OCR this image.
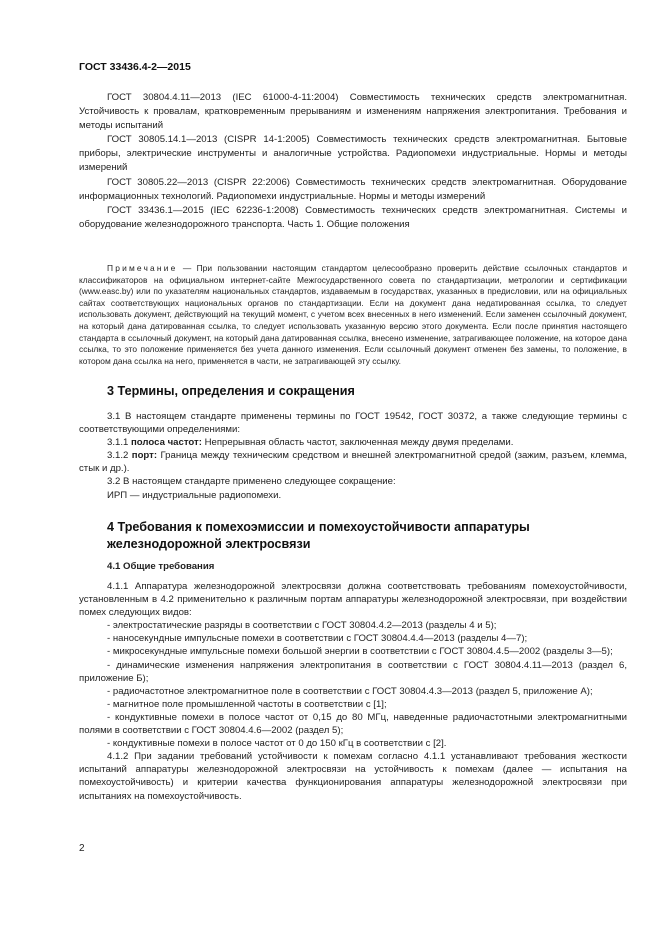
ГОСТ 33436.4-2—2015

ГОСТ 30804.4.11—2013 (IEC 61000-4-11:2004) Совместимость технических средств электромагнитная. Устойчивость к провалам, кратковременным прерываниям и изменениям напряжения электропитания. Требования и методы испытаний

ГОСТ 30805.14.1—2013 (CISPR 14-1:2005) Совместимость технических средств электромагнитная. Бытовые приборы, электрические инструменты и аналогичные устройства. Радиопомехи индустриальные. Нормы и методы измерений

ГОСТ 30805.22—2013 (CISPR 22:2006) Совместимость технических средств электромагнитная. Оборудование информационных технологий. Радиопомехи индустриальные. Нормы и методы измерений

ГОСТ 33436.1—2015 (IEC 62236-1:2008) Совместимость технических средств электромагнитная. Системы и оборудование железнодорожного транспорта. Часть 1. Общие положения

Примечание — При пользовании настоящим стандартом целесообразно проверить действие ссылочных стандартов и классификаторов на официальном интернет-сайте Межгосударственного совета по стандартизации, метрологии и сертификации (www.easc.by) или по указателям национальных стандартов, издаваемым в государствах, указанных в предисловии, или на официальных сайтах соответствующих национальных органов по стандартизации. Если на документ дана недатированная ссылка, то следует использовать документ, действующий на текущий момент, с учетом всех внесенных в него изменений. Если заменен ссылочный документ, на который дана датированная ссылка, то следует использовать указанную версию этого документа. Если после принятия настоящего стандарта в ссылочный документ, на который дана датированная ссылка, внесено изменение, затрагивающее положение, на которое дана ссылка, то это положение применяется без учета данного изменения. Если ссылочный документ отменен без замены, то положение, в котором дана ссылка на него, применяется в части, не затрагивающей эту ссылку.

3 Термины, определения и сокращения

3.1 В настоящем стандарте применены термины по ГОСТ 19542, ГОСТ 30372, а также следующие термины с соответствующими определениями:

3.1.1 полоса частот: Непрерывная область частот, заключенная между двумя пределами.

3.1.2 порт: Граница между техническим средством и внешней электромагнитной средой (зажим, разъем, клемма, стык и др.).

3.2 В настоящем стандарте применено следующее сокращение:

ИРП — индустриальные радиопомехи.

4 Требования к помехоэмиссии и помехоустойчивости аппаратуры железнодорожной электросвязи
4.1 Общие требования

4.1.1 Аппаратура железнодорожной электросвязи должна соответствовать требованиям помехоустойчивости, установленным в 4.2 применительно к различным портам аппаратуры железнодорожной электросвязи, при воздействии помех следующих видов:

- электростатические разряды в соответствии с ГОСТ 30804.4.2—2013 (разделы 4 и 5);

- наносекундные импульсные помехи в соответствии с ГОСТ 30804.4.4—2013 (разделы 4—7);

- микросекундные импульсные помехи большой энергии в соответствии с ГОСТ 30804.4.5—2002 (разделы 3—5);

- динамические изменения напряжения электропитания в соответствии с ГОСТ 30804.4.11—2013 (раздел 6, приложение Б);

- радиочастотное электромагнитное поле в соответствии с ГОСТ 30804.4.3—2013 (раздел 5, приложение А);

- магнитное поле промышленной частоты в соответствии с [1];

- кондуктивные помехи в полосе частот от 0,15 до 80 МГц, наведенные радиочастотными электромагнитными полями в соответствии с ГОСТ 30804.4.6—2002 (раздел 5);

- кондуктивные помехи в полосе частот от 0 до 150 кГц в соответствии с [2].

4.1.2 При задании требований устойчивости к помехам согласно 4.1.1 устанавливают требования жесткости испытаний аппаратуры железнодорожной электросвязи на устойчивость к помехам (далее — испытания на помехоустойчивость) и критерии качества функционирования аппаратуры железнодорожной электросвязи при испытаниях на помехоустойчивость.

2
